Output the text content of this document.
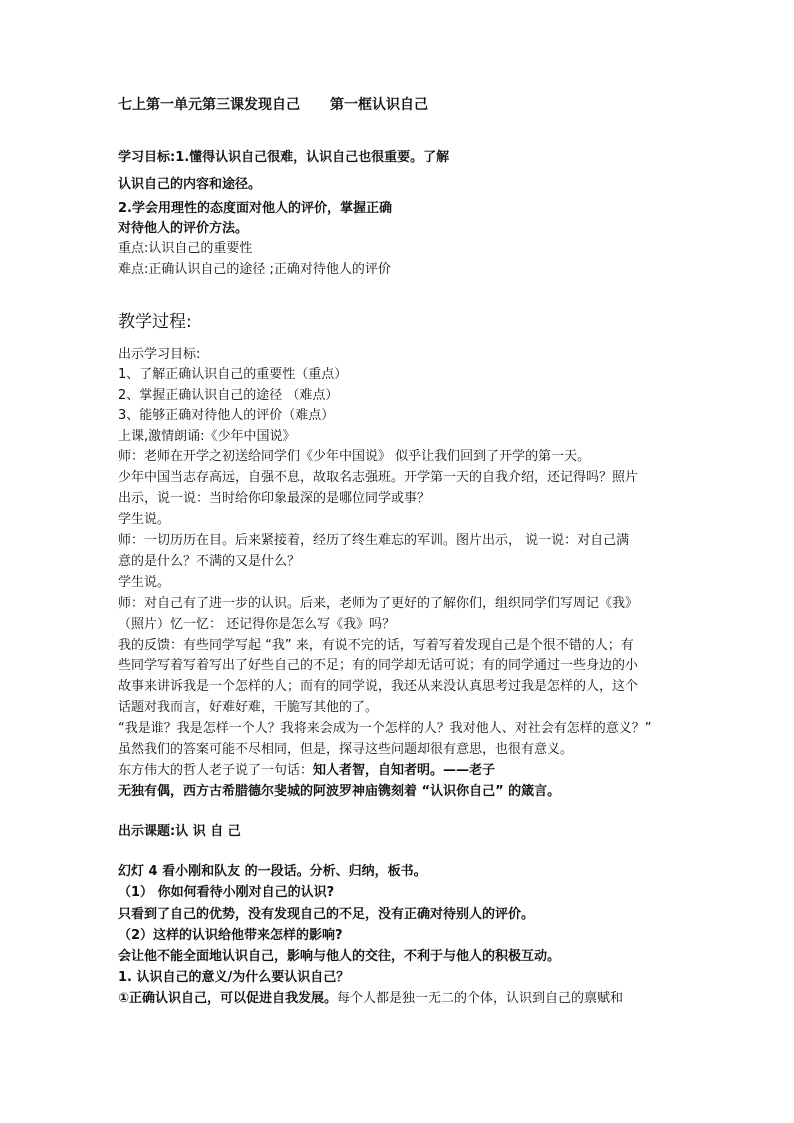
七上第一单元第三课发现自己 第一框认识自己
学习目标:1.懂得认识自己很难，认识自己也很重要。了解
认识自己的内容和途径。
2.学会用理性的态度面对他人的评价，掌握正确
对待他人的评价方法。
重点:认识自己的重要性
难点:正确认识自己的途径 ;正确对待他人的评价
教学过程:
出示学习目标:
1、了解正确认识自己的重要性（重点）
2、掌握正确认识自己的途径 （难点）
3、能够正确对待他人的评价（难点）
上课,激情朗诵:《少年中国说》
师：老师在开学之初送给同学们《少年中国说》 似乎让我们回到了开学的第一天。
少年中国当志存高远，自强不息，故取名志强班。开学第一天的自我介绍，还记得吗？照片
出示，说一说：当时给你印象最深的是哪位同学或事？
学生说。
师：一切历历在目。后来紧接着，经历了终生难忘的军训。图片出示， 说一说：对自己满
意的是什么？不满的又是什么？
学生说。
师：对自己有了进一步的认识。后来，老师为了更好的了解你们，组织同学们写周记《我》
（照片）忆一忆： 还记得你是怎么写《我》吗？
我的反馈：有些同学写起 “我” 来，有说不完的话，写着写着发现自己是个很不错的人；有
些同学写着写着写出了好些自己的不足；有的同学却无话可说；有的同学通过一些身边的小
故事来讲诉我是一个怎样的人；而有的同学说，我还从来没认真思考过我是怎样的人，这个
话题对我而言，好难好难，干脆写其他的了。
“我是谁？我是怎样一个人？我将来会成为一个怎样的人？我对他人、对社会有怎样的意义？”
虽然我们的答案可能不尽相同，但是，探寻这些问题却很有意思，也很有意义。
东方伟大的哲人老子说了一句话：知人者智，自知者明。——老子
无独有偶，西方古希腊德尔斐城的阿波罗神庙镌刻着 “认识你自己” 的箴言。
出示课题:认 识 自 己
幻灯 4 看小刚和队友 的一段话。分析、归纳，板书。
（1） 你如何看待小刚对自己的认识?
只看到了自己的优势，没有发现自己的不足，没有正确对待别人的评价。
（2）这样的认识给他带来怎样的影响?
会让他不能全面地认识自己，影响与他人的交往，不利于与他人的积极互动。
1. 认识自己的意义/为什么要认识自己？
①正确认识自己，可以促进自我发展。每个人都是独一无二的个体，认识到自己的禀赋和
